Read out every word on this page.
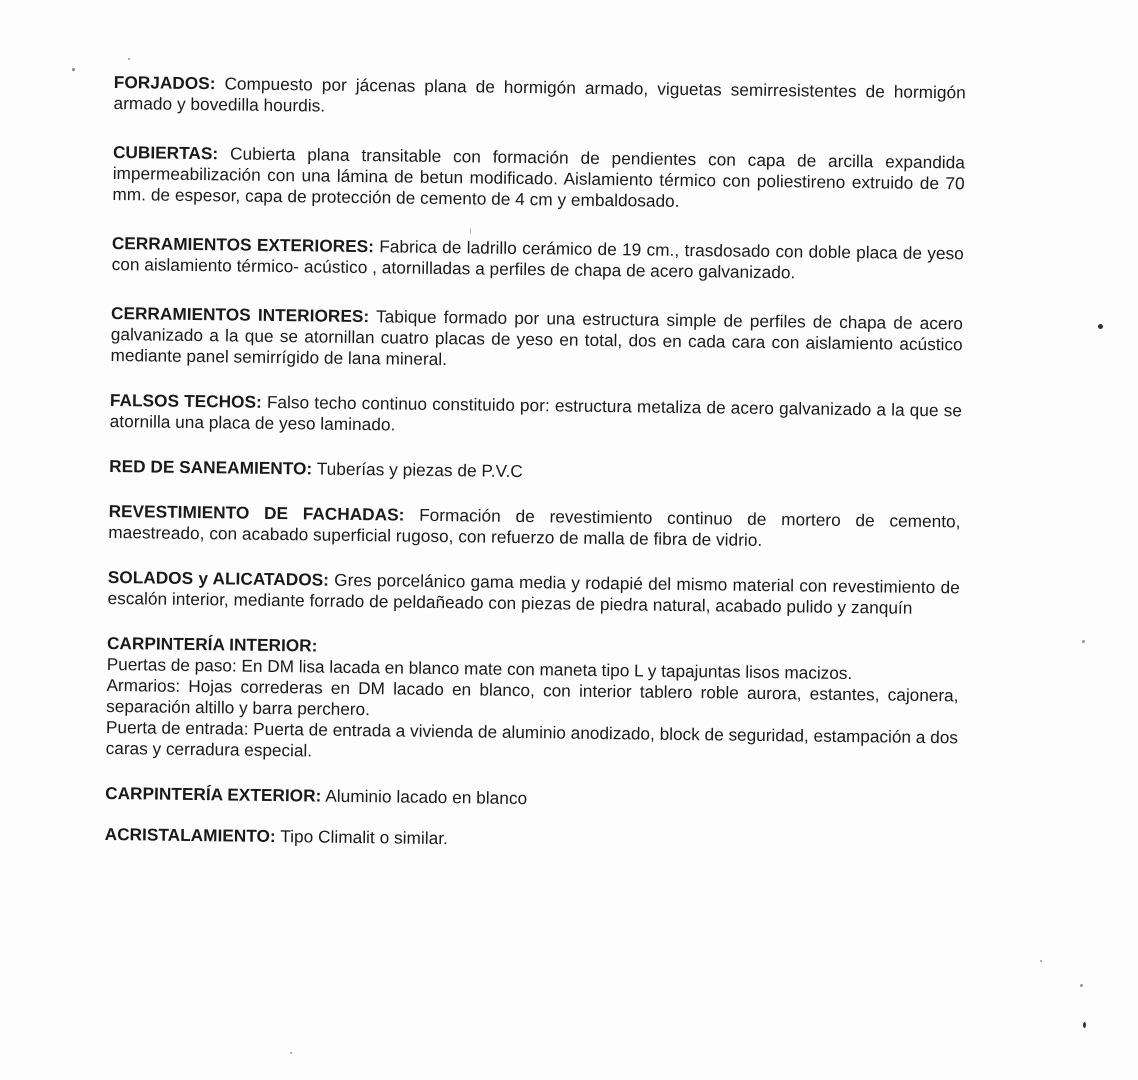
FORJADOS: Compuesto por jácenas plana de hormigón armado, viguetas semirresistentes de hormigón armado y bovedilla hourdis.

CUBIERTAS: Cubierta plana transitable con formación de pendientes con capa de arcilla expandida impermeabilización con una lámina de betun modificado. Aislamiento térmico con poliestireno extruido de 70 mm. de espesor, capa de protección de cemento de 4 cm y embaldosado.

CERRAMIENTOS EXTERIORES: Fabrica de ladrillo cerámico de 19 cm., trasdosado con doble placa de yeso con aislamiento térmico- acústico , atornilladas a perfiles de chapa de acero galvanizado.

CERRAMIENTOS INTERIORES: Tabique formado por una estructura simple de perfiles de chapa de acero galvanizado a la que se atornillan cuatro placas de yeso en total, dos en cada cara con aislamiento acústico mediante panel semirrígido de lana mineral.

FALSOS TECHOS: Falso techo continuo constituido por: estructura metaliza de acero galvanizado a la que se atornilla una placa de yeso laminado.

RED DE SANEAMIENTO: Tuberías y piezas de P.V.C

REVESTIMIENTO DE FACHADAS: Formación de revestimiento continuo de mortero de cemento, maestreado, con acabado superficial rugoso, con refuerzo de malla de fibra de vidrio.

SOLADOS y ALICATADOS: Gres porcelánico gama media y rodapié del mismo material con revestimiento de escalón interior, mediante forrado de peldañeado con piezas de piedra natural, acabado pulido y zanquín

CARPINTERÍA INTERIOR:

Puertas de paso: En DM lisa lacada en blanco mate con maneta tipo L y tapajuntas lisos macizos.

Armarios: Hojas correderas en DM lacado en blanco, con interior tablero roble aurora, estantes, cajonera, separación altillo y barra perchero.

Puerta de entrada: Puerta de entrada a vivienda de aluminio anodizado, block de seguridad, estampación a dos caras y cerradura especial.

CARPINTERÍA EXTERIOR: Aluminio lacado en blanco

ACRISTALAMIENTO: Tipo Climalit o similar.
